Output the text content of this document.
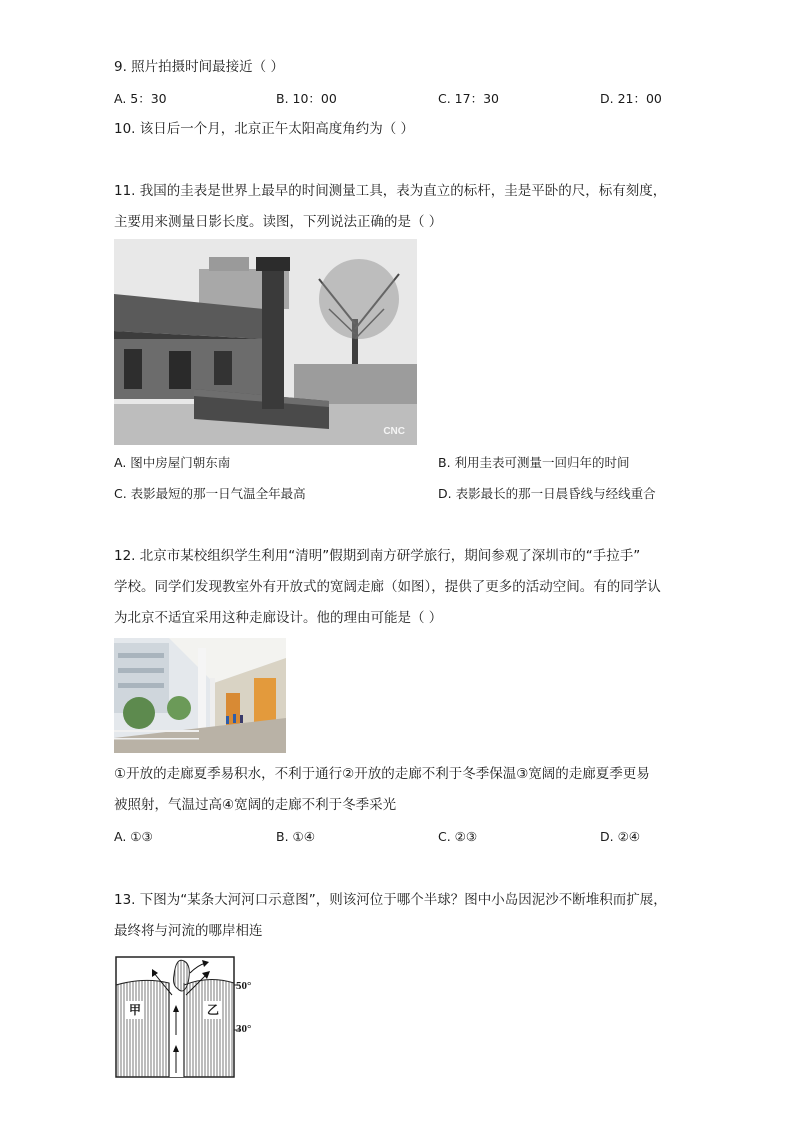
9. 照片拍摄时间最接近（ ）
A. 5：30	B. 10：00	C. 17：30	D. 21：00
10. 该日后一个月，北京正午太阳高度角约为（ ）
11. 我国的圭表是世界上最早的时间测量工具，表为直立的标杆，圭是平卧的尺，标有刻度，
主要用来测量日影长度。读图，下列说法正确的是（ ）
CNC
A. 图中房屋门朝东南	B. 利用圭表可测量一回归年的时间
C. 表影最短的那一日气温全年最高	D. 表影最长的那一日晨昏线与经线重合
12. 北京市某校组织学生利用“清明”假期到南方研学旅行，期间参观了深圳市的“手拉手”
学校。同学们发现教室外有开放式的宽阔走廊（如图），提供了更多的活动空间。有的同学认
为北京不适宜采用这种走廊设计。他的理由可能是（ ）
①开放的走廊夏季易积水，不利于通行②开放的走廊不利于冬季保温③宽阔的走廊夏季更易
被照射，气温过高④宽阔的走廊不利于冬季采光
A. ①③	B. ①④	C. ②③	D. ②④
13. 下图为“某条大河河口示意图”，则该河位于哪个半球？图中小岛因泥沙不断堆积而扩展，
最终将与河流的哪岸相连
甲	乙
50°
30°
